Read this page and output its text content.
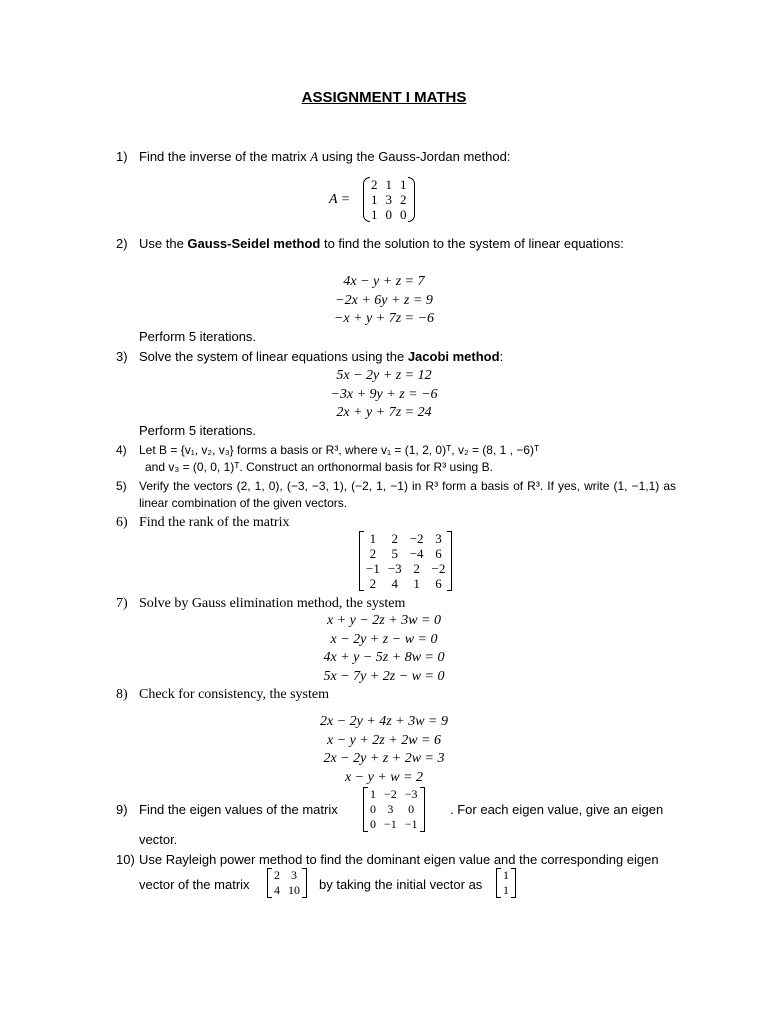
ASSIGNMENT I MATHS
1) Find the inverse of the matrix A using the Gauss-Jordan method:
A =
2	1	1
1	3	2
1	0	0
2) Use the Gauss-Seidel method to find the solution to the system of linear equations:
4x − y + z = 7
−2x + 6y + z = 9
−x + y + 7z = −6
Perform 5 iterations.
3) Solve the system of linear equations using the Jacobi method:
5x − 2y + z = 12
−3x + 9y + z = −6
2x + y + 7z = 24
Perform 5 iterations.
4) Let B = {v₁, v₂, v₃} forms a basis or R³, where v₁ = (1, 2, 0)ᵀ, v₂ = (8, 1 , −6)ᵀ
and v₃ = (0, 0, 1)ᵀ. Construct an orthonormal basis for R³ using B.
5) Verify the vectors (2, 1, 0), (−3, −3, 1), (−2, 1, −1) in R³ form a basis of R³. If yes, write (1, −1,1) as linear combination of the given vectors.
6) Find the rank of the matrix
1	2	−2	3
2	5	−4	6
−1	−3	2	−2
2	4	1	6
7) Solve by Gauss elimination method, the system
x + y − 2z + 3w = 0
x − 2y + z − w = 0
4x + y − 5z + 8w = 0
5x − 7y + 2z − w = 0
8) Check for consistency, the system
2x − 2y + 4z + 3w = 9
x − y + 2z + 2w = 6
2x − 2y + z + 2w = 3
x − y + w = 2
9) Find the eigen values of the matrix
1	−2	−3
0	3	0
0	−1	−1
. For each eigen value, give an eigen
vector.
10) Use Rayleigh power method to find the dominant eigen value and the corresponding eigen
vector of the matrix
2	3
4	10 by taking the initial vector as
1
1
